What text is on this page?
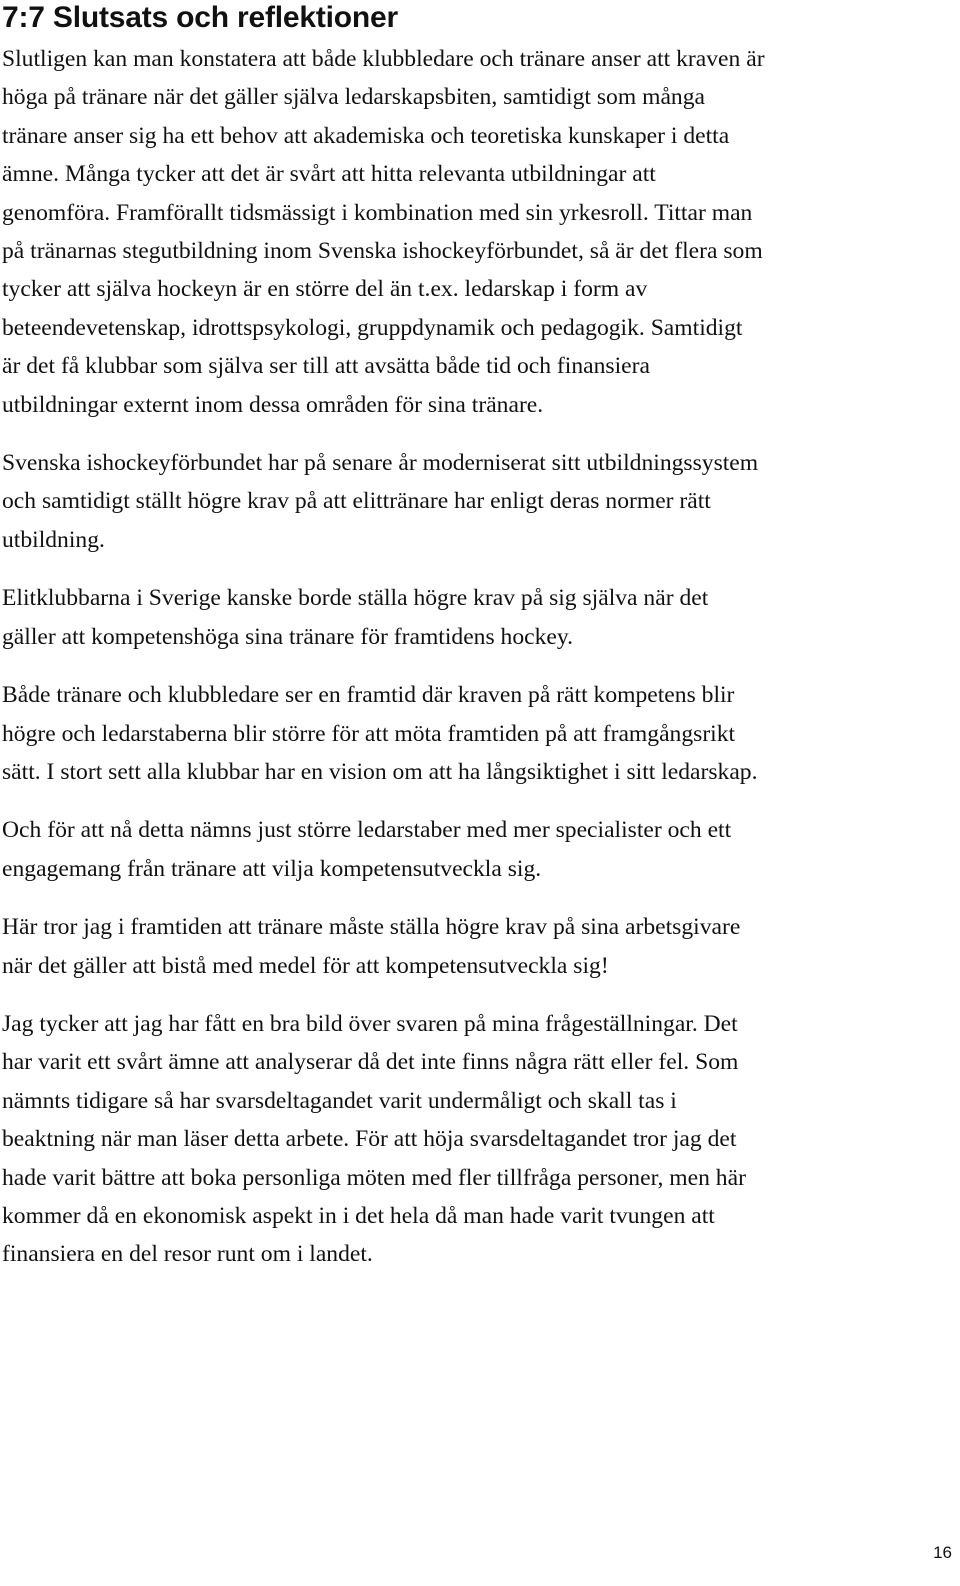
7:7 Slutsats och reflektioner

Slutligen kan man konstatera att både klubbledare och tränare anser att kraven är
höga på tränare när det gäller själva ledarskapsbiten, samtidigt som många
tränare anser sig ha ett behov att akademiska och teoretiska kunskaper i detta
ämne. Många tycker att det är svårt att hitta relevanta utbildningar att
genomföra. Framförallt tidsmässigt i kombination med sin yrkesroll. Tittar man
på tränarnas stegutbildning inom Svenska ishockeyförbundet, så är det flera som
tycker att själva hockeyn är en större del än t.ex. ledarskap i form av
beteendevetenskap, idrottspsykologi, gruppdynamik och pedagogik. Samtidigt
är det få klubbar som själva ser till att avsätta både tid och finansiera
utbildningar externt inom dessa områden för sina tränare.

Svenska ishockeyförbundet har på senare år moderniserat sitt utbildningssystem
och samtidigt ställt högre krav på att elittränare har enligt deras normer rätt
utbildning.

Elitklubbarna i Sverige kanske borde ställa högre krav på sig själva när det
gäller att kompetenshöga sina tränare för framtidens hockey.

Både tränare och klubbledare ser en framtid där kraven på rätt kompetens blir
högre och ledarstaberna blir större för att möta framtiden på att framgångsrikt
sätt. I stort sett alla klubbar har en vision om att ha långsiktighet i sitt ledarskap.

Och för att nå detta nämns just större ledarstaber med mer specialister och ett
engagemang från tränare att vilja kompetensutveckla sig.

Här tror jag i framtiden att tränare måste ställa högre krav på sina arbetsgivare
när det gäller att bistå med medel för att kompetensutveckla sig!

Jag tycker att jag har fått en bra bild över svaren på mina frågeställningar. Det
har varit ett svårt ämne att analyserar då det inte finns några rätt eller fel. Som
nämnts tidigare så har svarsdeltagandet varit undermåligt och skall tas i
beaktning när man läser detta arbete. För att höja svarsdeltagandet tror jag det
hade varit bättre att boka personliga möten med fler tillfråga personer, men här
kommer då en ekonomisk aspekt in i det hela då man hade varit tvungen att
finansiera en del resor runt om i landet.

16
